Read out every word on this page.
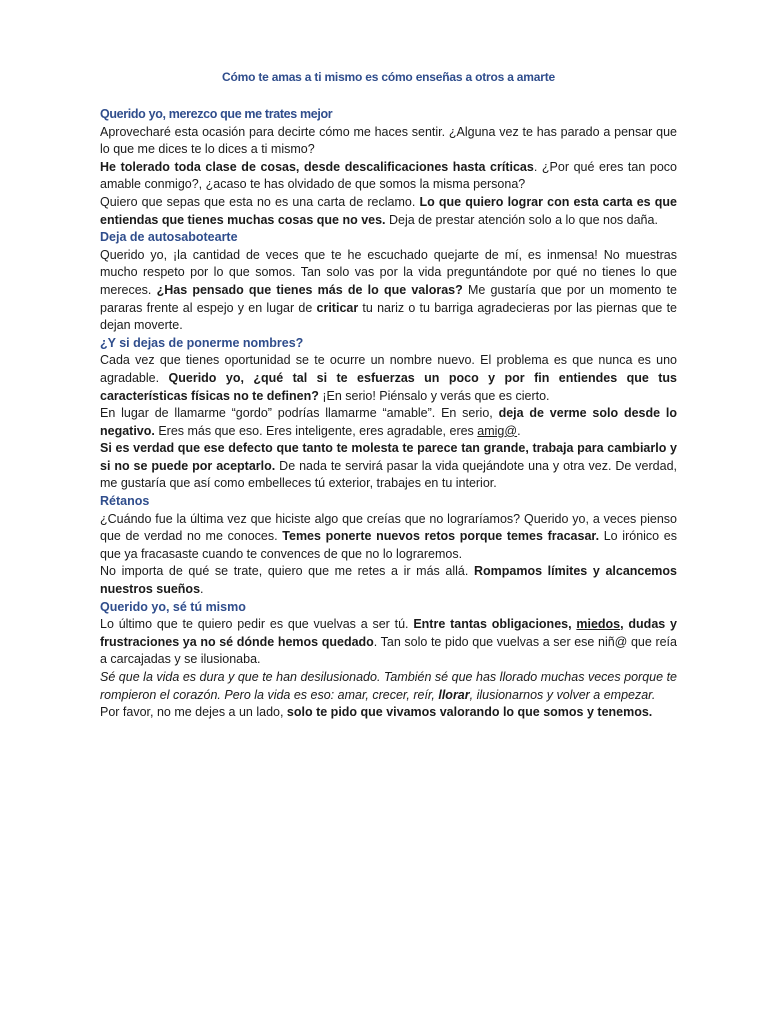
Cómo te amas a ti mismo es cómo enseñas a otros a amarte
Querido yo, merezco que me trates mejor

Aprovecharé esta ocasión para decirte cómo me haces sentir. ¿Alguna vez te has parado a pensar que lo que me dices te lo dices a ti mismo?

He tolerado toda clase de cosas, desde descalificaciones hasta críticas. ¿Por qué eres tan poco amable conmigo?, ¿acaso te has olvidado de que somos la misma persona?

Quiero que sepas que esta no es una carta de reclamo. Lo que quiero lograr con esta carta es que entiendas que tienes muchas cosas que no ves. Deja de prestar atención solo a lo que nos daña.

Deja de autosabotearte

Querido yo, ¡la cantidad de veces que te he escuchado quejarte de mí, es inmensa! No muestras mucho respeto por lo que somos. Tan solo vas por la vida preguntándote por qué no tienes lo que mereces. ¿Has pensado que tienes más de lo que valoras? Me gustaría que por un momento te pararas frente al espejo y en lugar de criticar tu nariz o tu barriga agradecieras por las piernas que te dejan moverte.

¿Y si dejas de ponerme nombres?

Cada vez que tienes oportunidad se te ocurre un nombre nuevo. El problema es que nunca es uno agradable. Querido yo, ¿qué tal si te esfuerzas un poco y por fin entiendes que tus características físicas no te definen? ¡En serio! Piénsalo y verás que es cierto.

En lugar de llamarme “gordo” podrías llamarme “amable”. En serio, deja de verme solo desde lo negativo. Eres más que eso. Eres inteligente, eres agradable, eres amig@.

Si es verdad que ese defecto que tanto te molesta te parece tan grande, trabaja para cambiarlo y si no se puede por aceptarlo. De nada te servirá pasar la vida quejándote una y otra vez. De verdad, me gustaría que así como embelleces tú exterior, trabajes en tu interior.

Rétanos

¿Cuándo fue la última vez que hiciste algo que creías que no lograríamos? Querido yo, a veces pienso que de verdad no me conoces. Temes ponerte nuevos retos porque temes fracasar. Lo irónico es que ya fracasaste cuando te convences de que no lo lograremos.

No importa de qué se trate, quiero que me retes a ir más allá. Rompamos límites y alcancemos nuestros sueños.

Querido yo, sé tú mismo

Lo último que te quiero pedir es que vuelvas a ser tú. Entre tantas obligaciones, miedos, dudas y frustraciones ya no sé dónde hemos quedado. Tan solo te pido que vuelvas a ser ese niñ@ que reía a carcajadas y se ilusionaba.

Sé que la vida es dura y que te han desilusionado. También sé que has llorado muchas veces porque te rompieron el corazón. Pero la vida es eso: amar, crecer, reír, llorar, ilusionarnos y volver a empezar.

Por favor, no me dejes a un lado, solo te pido que vivamos valorando lo que somos y tenemos.
